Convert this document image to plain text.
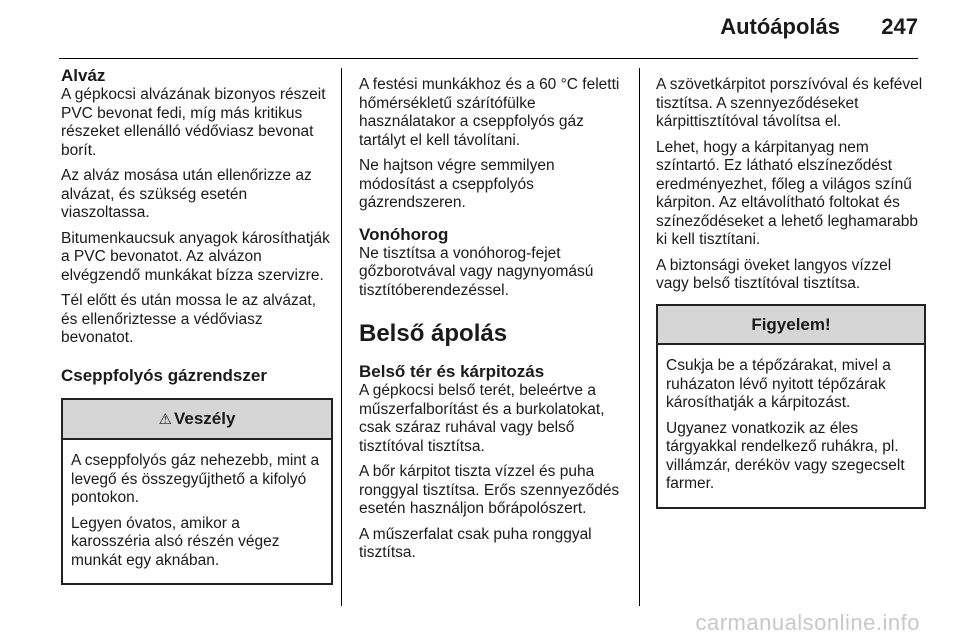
Autóápolás 247
Alváz

A gépkocsi alvázának bizonyos részeit PVC bevonat fedi, míg más kritikus részeket ellenálló védőviasz bevonat borít.

Az alváz mosása után ellenőrizze az alvázat, és szükség esetén viaszoltassa.

Bitumenkaucsuk anyagok károsíthatják a PVC bevonatot. Az alvázon elvégzendő munkákat bízza szervizre.

Tél előtt és után mossa le az alvázat, és ellenőriztesse a védőviasz bevonatot.

Cseppfolyós gázrendszer
⚠ Veszély

A cseppfolyós gáz nehezebb, mint a levegő és összegyűjthető a kifolyó pontokon.

Legyen óvatos, amikor a karosszéria alsó részén végez munkát egy aknában.

A festési munkákhoz és a 60 °C feletti hőmérsékletű szárítófülke használatakor a cseppfolyós gáz tartályt el kell távolítani.

Ne hajtson végre semmilyen módosítást a cseppfolyós gázrendszeren.

Vonóhorog

Ne tisztítsa a vonóhorog-fejet gőzborotvával vagy nagynyomású tisztítóberendezéssel.

Belső ápolás
Belső tér és kárpitozás

A gépkocsi belső terét, beleértve a műszerfalborítást és a burkolatokat, csak száraz ruhával vagy belső tisztítóval tisztítsa.

A bőr kárpitot tiszta vízzel és puha ronggyal tisztítsa. Erős szennyeződés esetén használjon bőrápolószert.

A műszerfalat csak puha ronggyal tisztítsa.

A szövetkárpitot porszívóval és kefével tisztítsa. A szennyeződéseket kárpittisztítóval távolítsa el.

Lehet, hogy a kárpitanyag nem színtartó. Ez látható elszíneződést eredményezhet, főleg a világos színű kárpiton. Az eltávolítható foltokat és színeződéseket a lehető leghamarabb ki kell tisztítani.

A biztonsági öveket langyos vízzel vagy belső tisztítóval tisztítsa.

Figyelem!

Csukja be a tépőzárakat, mivel a ruházaton lévő nyitott tépőzárak károsíthatják a kárpitozást.

Ugyanez vonatkozik az éles tárgyakkal rendelkező ruhákra, pl. villámzár, deréköv vagy szegecselt farmer.

carmanualsonline.info
